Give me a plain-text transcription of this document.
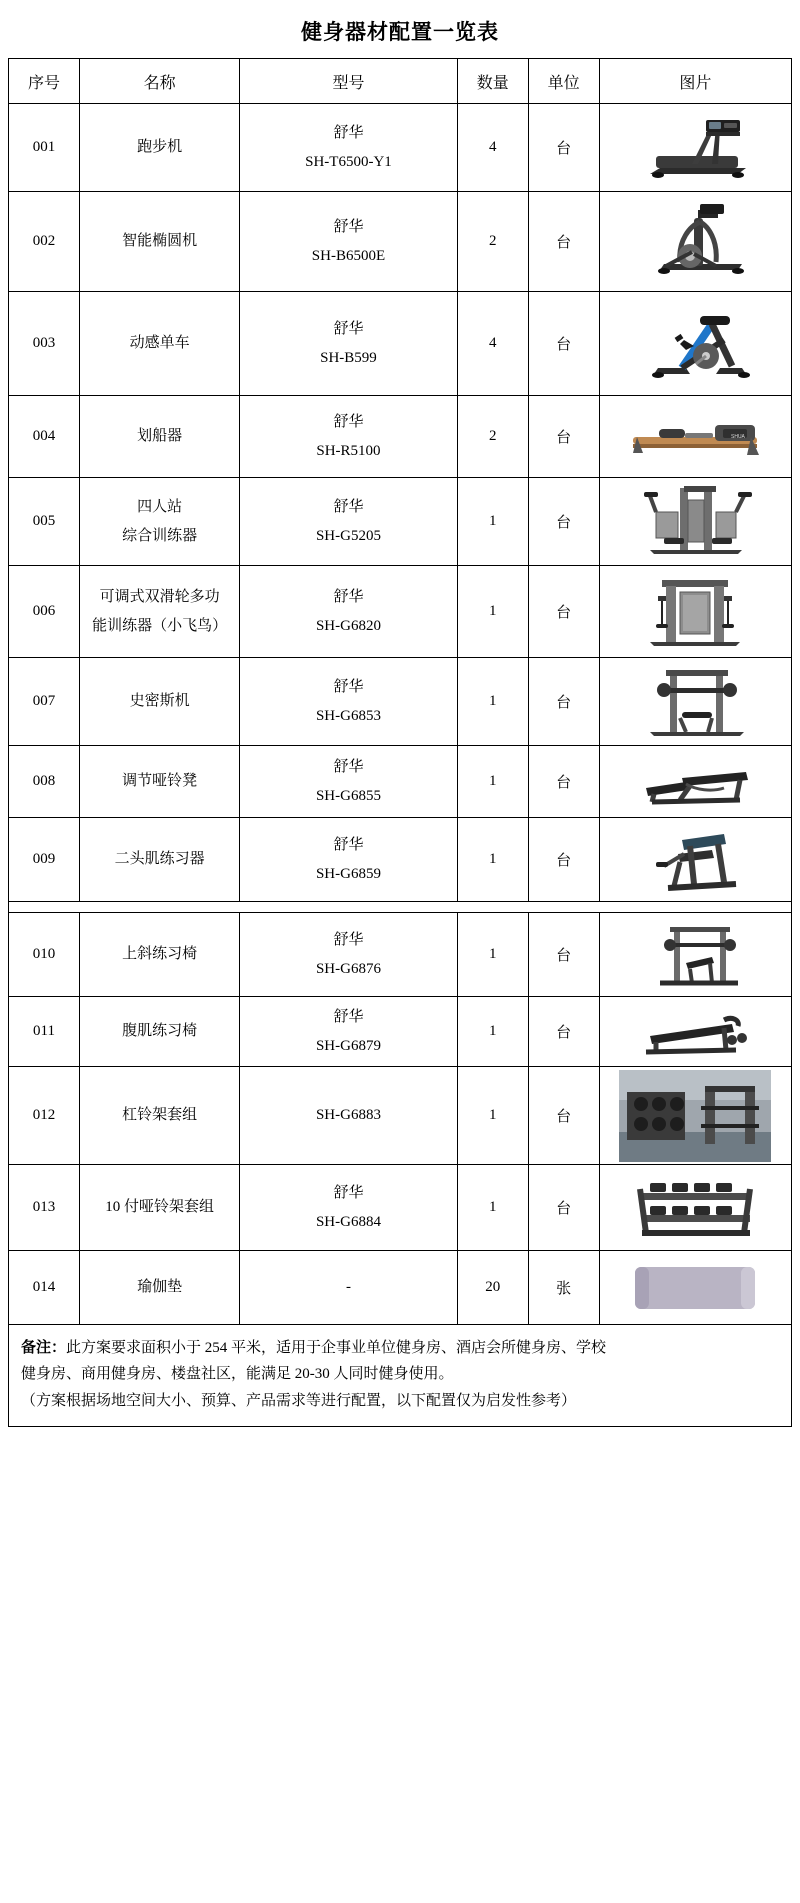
健身器材配置一览表
序号	名称	型号	数量	单位	图片
001	跑步机	舒华
SH-T6500-Y1	4	台	

002	智能椭圆机	舒华
SH-B6500E	2	台	

003	动感单车	舒华
SH-B599	4	台	

004	划船器	舒华
SH-R5100	2	台	SHUA

005	四人站
综合训练器	舒华
SH-G5205	1	台	

006	可调式双滑轮多功
能训练器（小飞鸟）	舒华
SH-G6820	1	台	

007	史密斯机	舒华
SH-G6853	1	台	

008	调节哑铃凳	舒华
SH-G6855	1	台	

009	二头肌练习器	舒华
SH-G6859	1	台	

010	上斜练习椅	舒华
SH-G6876	1	台	

011	腹肌练习椅	舒华
SH-G6879	1	台	

012	杠铃架套组	SH-G6883	1	台	

013	10 付哑铃架套组	舒华
SH-G6884	1	台	

014	瑜伽垫	-	20	张	

备注：此方案要求面积小于 254 平米，适用于企事业单位健身房、酒店会所健身房、学校

健身房、商用健身房、楼盘社区，能满足 20-30 人同时健身使用。

（方案根据场地空间大小、预算、产品需求等进行配置，以下配置仅为启发性参考）
